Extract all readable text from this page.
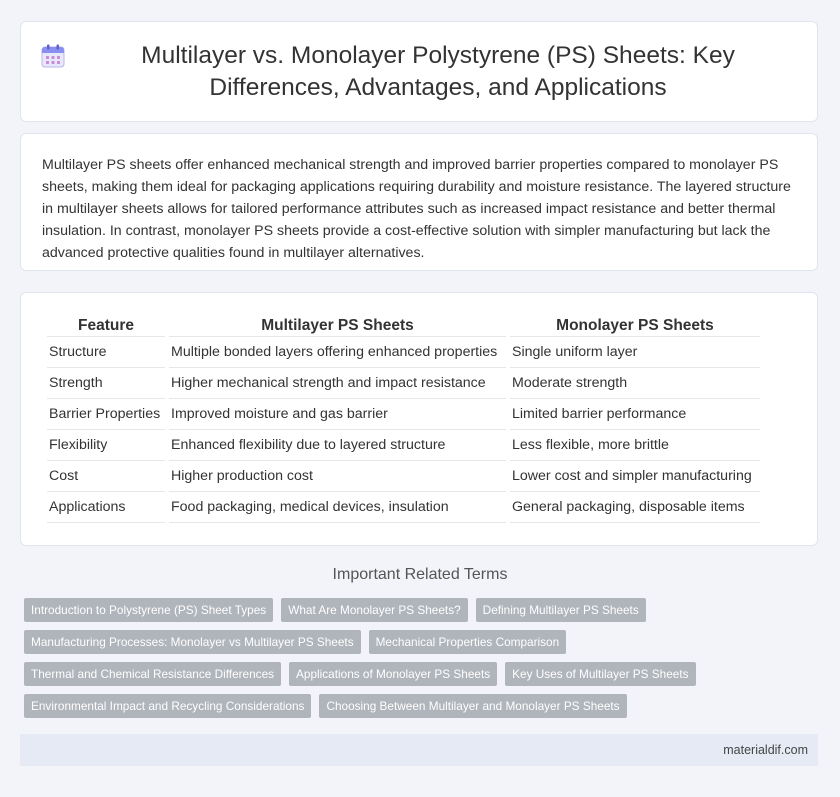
Multilayer vs. Monolayer Polystyrene (PS) Sheets: Key Differences, Advantages, and Applications

Multilayer PS sheets offer enhanced mechanical strength and improved barrier properties compared to monolayer PS sheets, making them ideal for packaging applications requiring durability and moisture resistance. The layered structure in multilayer sheets allows for tailored performance attributes such as increased impact resistance and better thermal insulation. In contrast, monolayer PS sheets provide a cost-effective solution with simpler manufacturing but lack the advanced protective qualities found in multilayer alternatives.

Feature	Multilayer PS Sheets	Monolayer PS Sheets
Structure	Multiple bonded layers offering enhanced properties	Single uniform layer
Strength	Higher mechanical strength and impact resistance	Moderate strength
Barrier Properties	Improved moisture and gas barrier	Limited barrier performance
Flexibility	Enhanced flexibility due to layered structure	Less flexible, more brittle
Cost	Higher production cost	Lower cost and simpler manufacturing
Applications	Food packaging, medical devices, insulation	General packaging, disposable items
Important Related Terms
Introduction to Polystyrene (PS) Sheet Types	What Are Monolayer PS Sheets?	Defining Multilayer PS Sheets
Manufacturing Processes: Monolayer vs Multilayer PS Sheets	Mechanical Properties Comparison
Thermal and Chemical Resistance Differences	Applications of Monolayer PS Sheets	Key Uses of Multilayer PS Sheets
Environmental Impact and Recycling Considerations	Choosing Between Multilayer and Monolayer PS Sheets
materialdif.com
